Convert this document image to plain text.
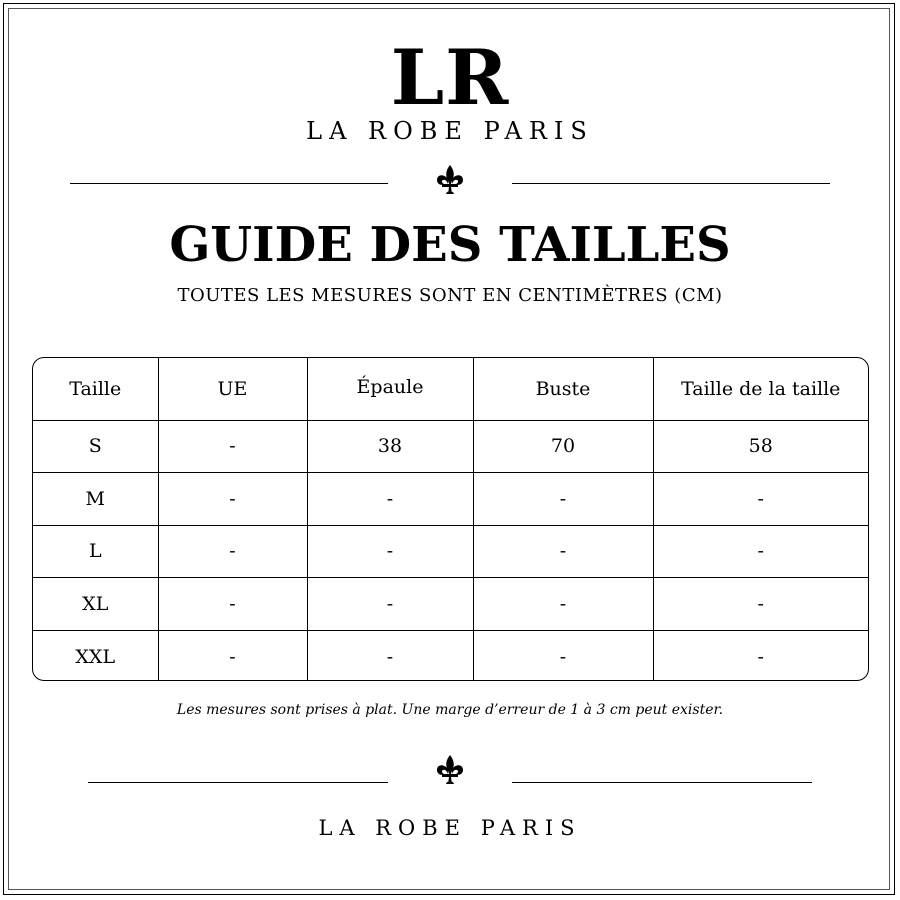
LR
LA ROBE PARIS
GUIDE DES TAILLES
TOUTES LES MESURES SONT EN CENTIMÈTRES (CM)
Taille	UE	Épaule	Buste	Taille de la taille
S	-	38	70	58
M	-	-	-	-
L	-	-	-	-
XL	-	-	-	-
XXL	-	-	-	-
Les mesures sont prises à plat. Une marge d’erreur de 1 à 3 cm peut exister.
LA ROBE PARIS
